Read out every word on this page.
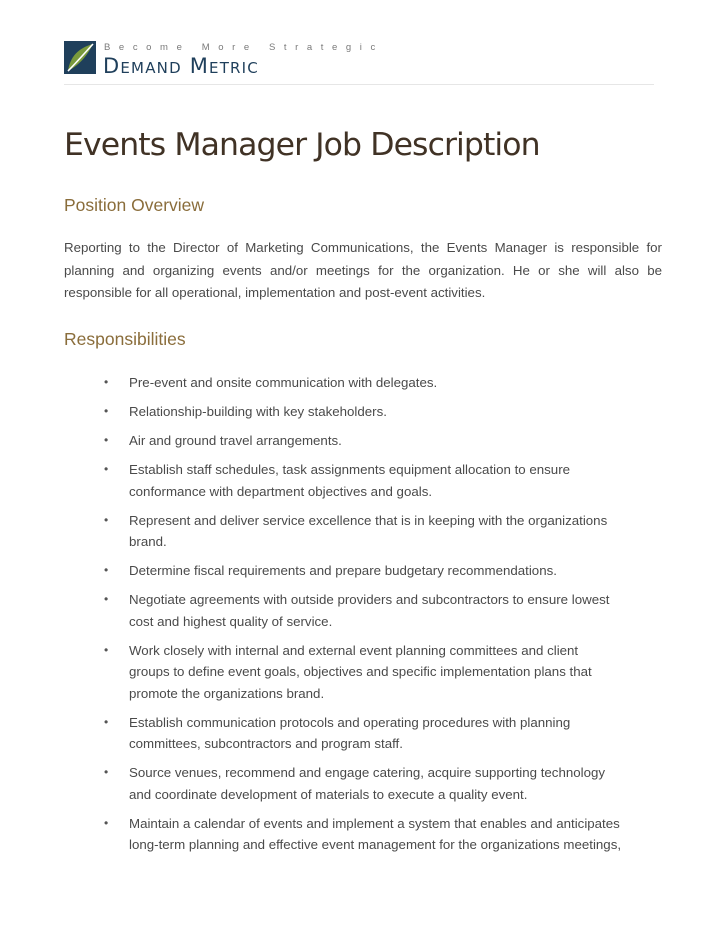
Become More Strategic
Demand Metric
Events Manager Job Description
Position Overview

Reporting to the Director of Marketing Communications, the Events Manager is responsible for planning and organizing events and/or meetings for the organization. He or she will also be responsible for all operational, implementation and post-event activities.

Responsibilities
• Pre-event and onsite communication with delegates.
• Relationship-building with key stakeholders.
• Air and ground travel arrangements.
• Establish staff schedules, task assignments equipment allocation to ensure
conformance with department objectives and goals.
• Represent and deliver service excellence that is in keeping with the organizations
brand.
• Determine fiscal requirements and prepare budgetary recommendations.
• Negotiate agreements with outside providers and subcontractors to ensure lowest
cost and highest quality of service.
• Work closely with internal and external event planning committees and client
groups to define event goals, objectives and specific implementation plans that
promote the organizations brand.
• Establish communication protocols and operating procedures with planning
committees, subcontractors and program staff.
• Source venues, recommend and engage catering, acquire supporting technology
and coordinate development of materials to execute a quality event.
• Maintain a calendar of events and implement a system that enables and anticipates
long-term planning and effective event management for the organizations meetings,
